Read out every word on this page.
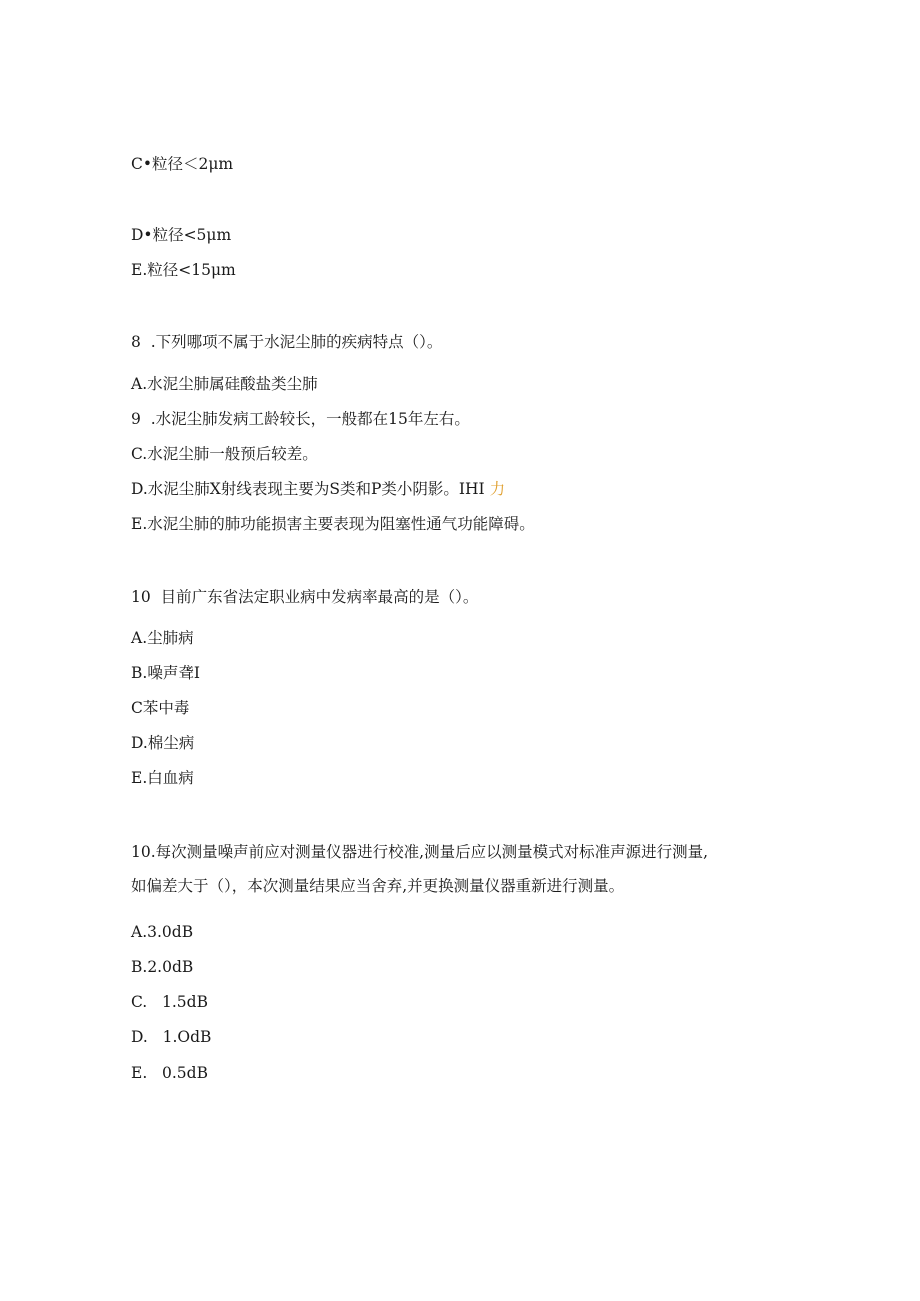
C•粒径＜2μm
D•粒径<5μm
E.粒径<15μm
8  .下列哪项不属于水泥尘肺的疾病特点（）。
A.水泥尘肺属硅酸盐类尘肺
9  .水泥尘肺发病工龄较长，一般都在15年左右。
C.水泥尘肺一般预后较差。
D.水泥尘肺X射线表现主要为S类和P类小阴影。IHI 力
E.水泥尘肺的肺功能损害主要表现为阻塞性通气功能障碍。
10  目前广东省法定职业病中发病率最高的是（）。
A.尘肺病
B.噪声聋I
C苯中毒
D.棉尘病
E.白血病
10.每次测量噪声前应对测量仪器进行校准,测量后应以测量模式对标准声源进行测量,
如偏差大于（），本次测量结果应当舍弃,并更换测量仪器重新进行测量。
A.3.0dB
B.2.0dB
C.   1.5dB
D.   1.OdB
E.   0.5dB
